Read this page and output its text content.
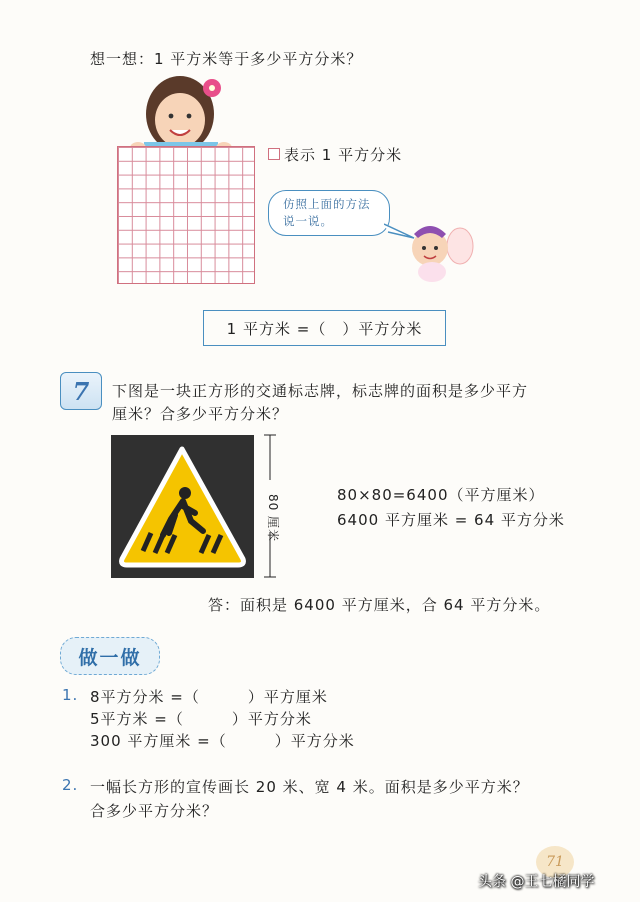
想一想：1 平方米等于多少平方分米？
表示 1 平方分米
仿照上面的方法
说一说。
1 平方米 =（　）平方分米
7	下图是一块正方形的交通标志牌，标志牌的面积是多少平方
厘米？合多少平方分米？
80 厘米	80×80=6400（平方厘米）
6400 平方厘米 = 64 平方分米
答：面积是 6400 平方厘米，合 64 平方分米。
做一做
1. 8平方分米 =（　　　）平方厘米
5平方米 =（　　　）平方分米
300 平方厘米 =（　　　）平方分米
2. 一幅长方形的宣传画长 20 米、宽 4 米。面积是多少平方米？
合多少平方分米？
71
头条 @王七橘同学
